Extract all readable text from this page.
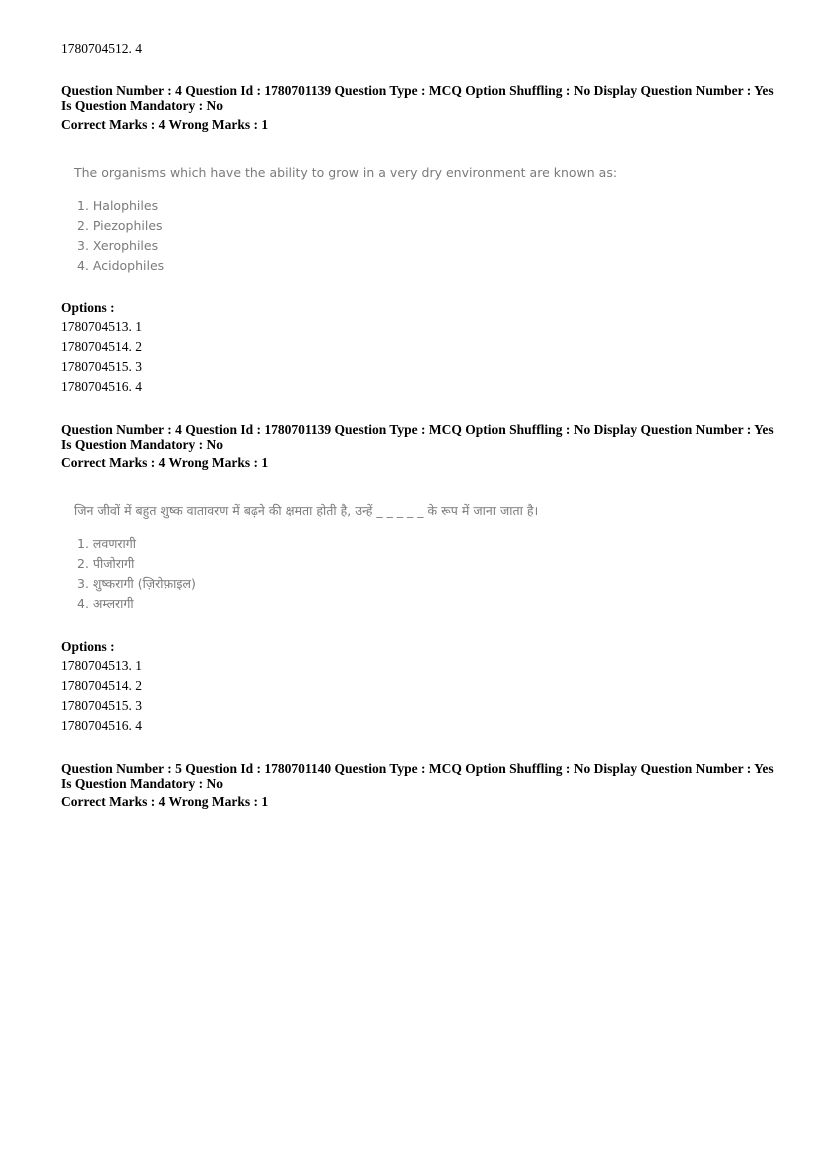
1780704512. 4
Question Number : 4 Question Id : 1780701139 Question Type : MCQ Option Shuffling : No Display Question Number : Yes
Is Question Mandatory : No
Correct Marks : 4 Wrong Marks : 1
The organisms which have the ability to grow in a very dry environment are known as:
1. Halophiles
2. Piezophiles
3. Xerophiles
4. Acidophiles
Options :
1780704513. 1
1780704514. 2
1780704515. 3
1780704516. 4
Question Number : 4 Question Id : 1780701139 Question Type : MCQ Option Shuffling : No Display Question Number : Yes
Is Question Mandatory : No
Correct Marks : 4 Wrong Marks : 1
जिन जीवों में बहुत शुष्क वातावरण में बढ़ने की क्षमता होती है, उन्हें _ _ _ _ _ के रूप में जाना जाता है।
1. लवणरागी
2. पीजोरागी
3. शुष्करागी (ज़िरोफ़ाइल)
4. अम्लरागी
Options :
1780704513. 1
1780704514. 2
1780704515. 3
1780704516. 4
Question Number : 5 Question Id : 1780701140 Question Type : MCQ Option Shuffling : No Display Question Number : Yes
Is Question Mandatory : No
Correct Marks : 4 Wrong Marks : 1
